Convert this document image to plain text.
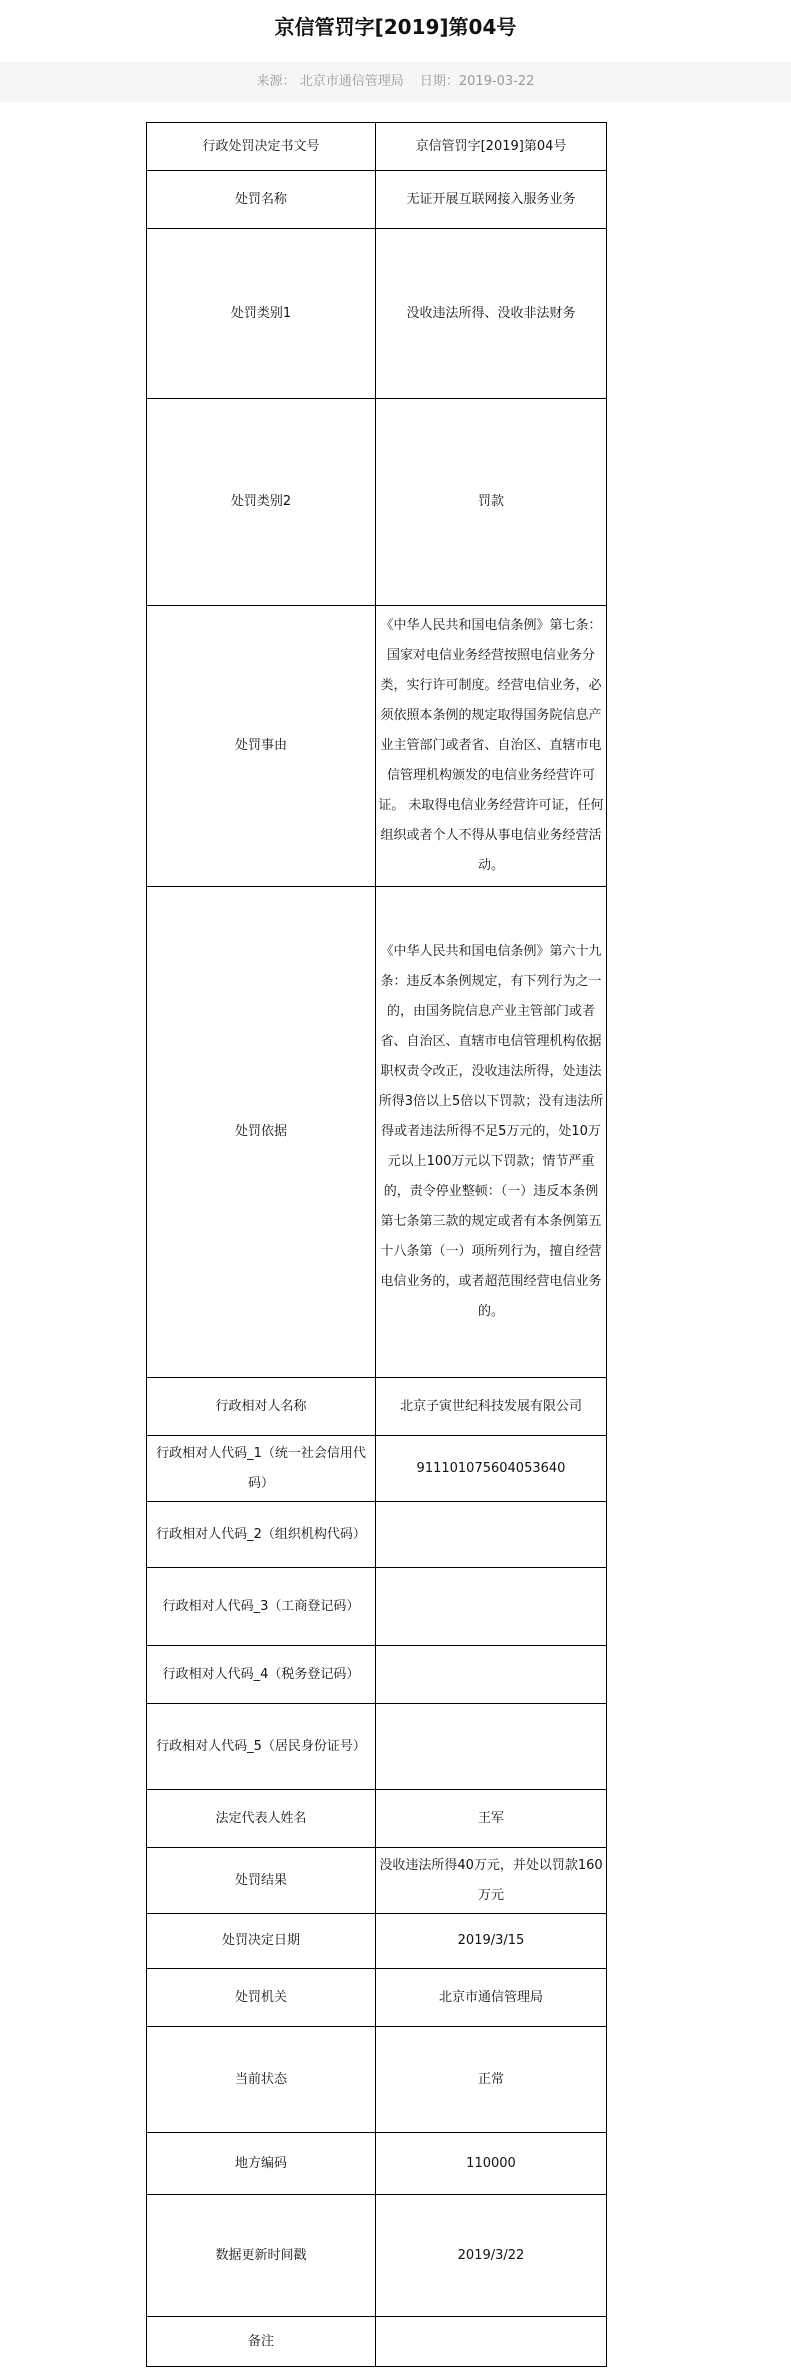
京信管罚字[2019]第04号
来源： 北京市通信管理局 日期：2019-03-22
行政处罚决定书文号	京信管罚字[2019]第04号
处罚名称	无证开展互联网接入服务业务
处罚类别1	没收违法所得、没收非法财务
处罚类别2	罚款
处罚事由	《中华人民共和国电信条例》第七条：国家对电信业务经营按照电信业务分类，实行许可制度。经营电信业务，必须依照本条例的规定取得国务院信息产业主管部门或者省、自治区、直辖市电信管理机构颁发的电信业务经营许可证。 未取得电信业务经营许可证，任何组织或者个人不得从事电信业务经营活动。
处罚依据	《中华人民共和国电信条例》第六十九条：违反本条例规定，有下列行为之一的，由国务院信息产业主管部门或者省、自治区、直辖市电信管理机构依据职权责令改正，没收违法所得，处违法所得3倍以上5倍以下罚款；没有违法所得或者违法所得不足5万元的，处10万元以上100万元以下罚款；情节严重的，责令停业整顿：（一）违反本条例第七条第三款的规定或者有本条例第五十八条第（一）项所列行为，擅自经营电信业务的，或者超范围经营电信业务的。
行政相对人名称	北京子寅世纪科技发展有限公司
行政相对人代码_1（统一社会信用代码）	911101075604053640
行政相对人代码_2（组织机构代码）	
行政相对人代码_3（工商登记码）	
行政相对人代码_4（税务登记码）	
行政相对人代码_5（居民身份证号）	
法定代表人姓名	王军
处罚结果	没收违法所得40万元，并处以罚款160万元
处罚决定日期	2019/3/15
处罚机关	北京市通信管理局
当前状态	正常
地方编码	110000
数据更新时间戳	2019/3/22
备注	
